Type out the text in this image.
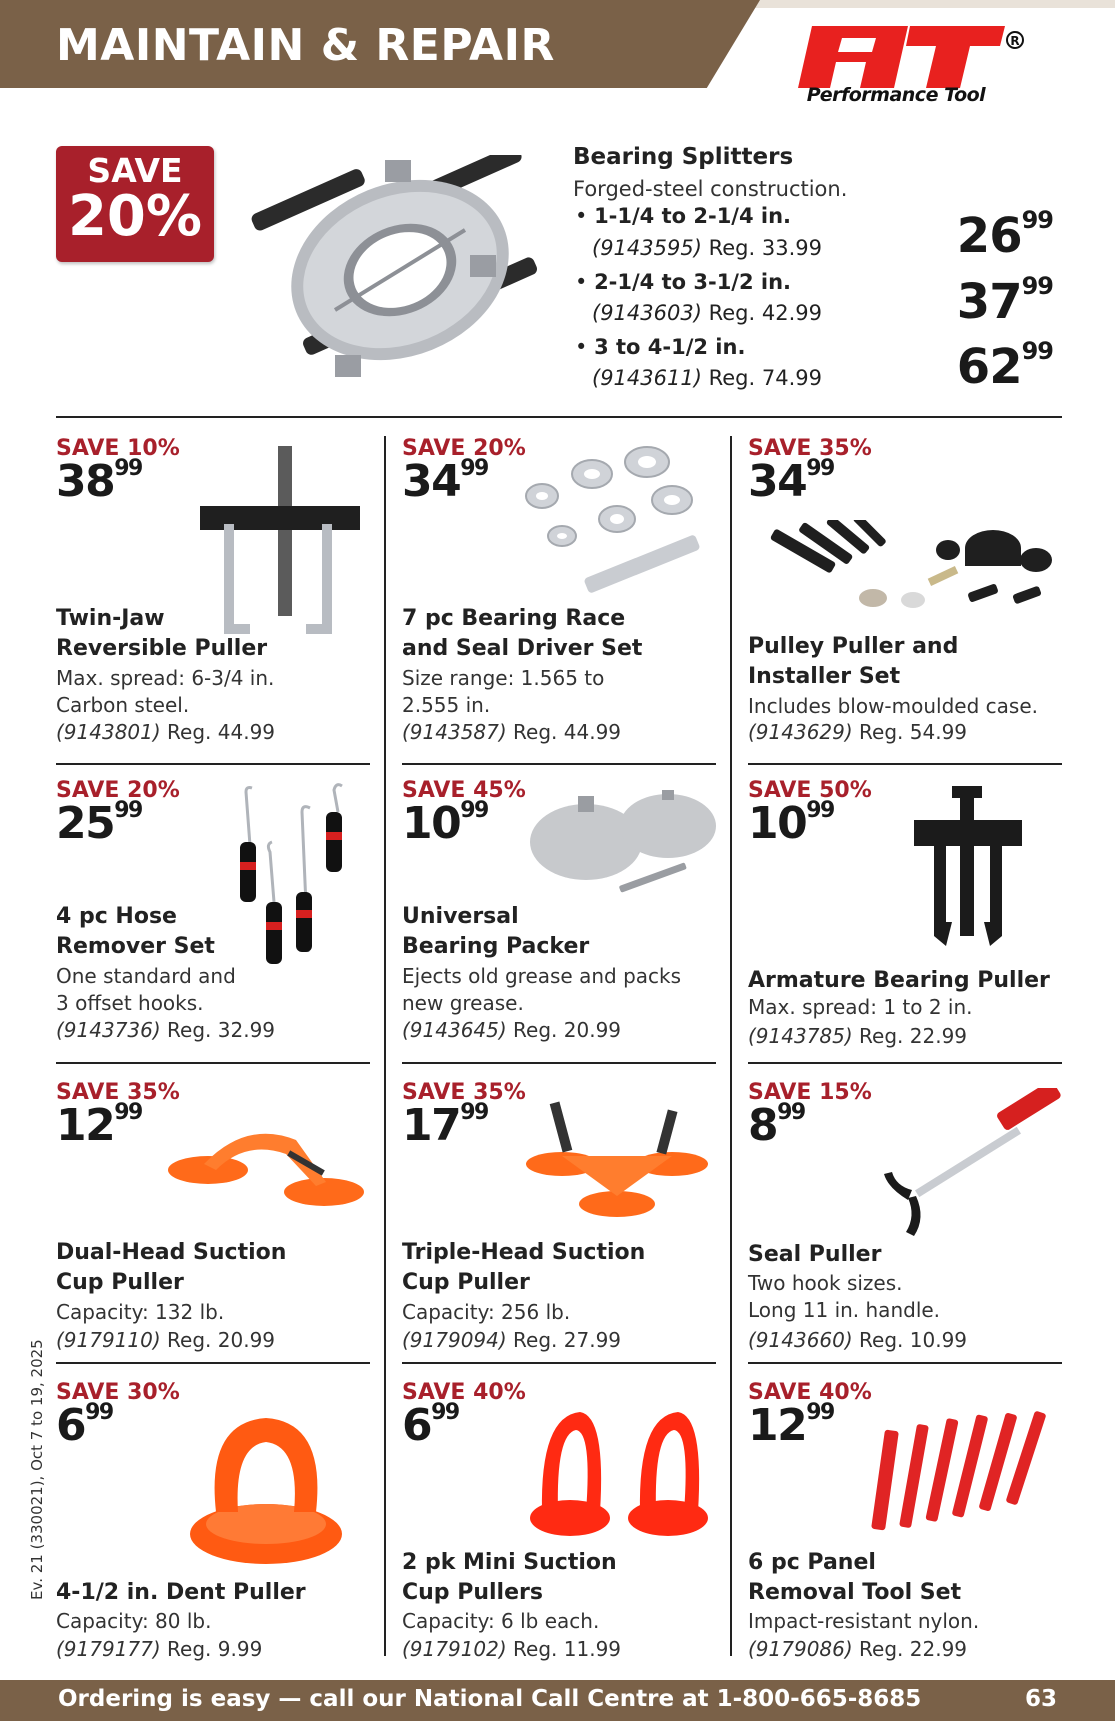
MAINTAIN & REPAIR	R
Performance Tool
SAVE
20%
Bearing Splitters
Forged-steel construction.
• 1-1/4 to 2-1/4 in.
(9143595) Reg. 33.99	$26^{99}$
• 2-1/4 to 3-1/2 in.
(9143603) Reg. 42.99	$37^{99}$
• 3 to 4-1/2 in.
(9143611) Reg. 74.99	$62^{99}$
SAVE 10%
$38^{99}$
Twin-Jaw
Reversible Puller
Max. spread: 6-3/4 in.
Carbon steel.
(9143801) Reg. 44.99
SAVE 20%
$34^{99}$
7 pc Bearing Race
and Seal Driver Set
Size range: 1.565 to
2.555 in.
(9143587) Reg. 44.99
SAVE 35%
$34^{99}$
Pulley Puller and
Installer Set
Includes blow-moulded case.
(9143629) Reg. 54.99
SAVE 20%
$25^{99}$
4 pc Hose
Remover Set
One standard and
3 offset hooks.
(9143736) Reg. 32.99
SAVE 45%
$10^{99}$
Universal
Bearing Packer
Ejects old grease and packs
new grease.
(9143645) Reg. 20.99
SAVE 50%
$10^{99}$
Armature Bearing Puller
Max. spread: 1 to 2 in.
(9143785) Reg. 22.99
SAVE 35%
$12^{99}$
Dual-Head Suction
Cup Puller
Capacity: 132 lb.
(9179110) Reg. 20.99
SAVE 35%
$17^{99}$
Triple-Head Suction
Cup Puller
Capacity: 256 lb.
(9179094) Reg. 27.99
SAVE 15%
$8^{99}$
Seal Puller
Two hook sizes.
Long 11 in. handle.
(9143660) Reg. 10.99
SAVE 30%
$6^{99}$
4-1/2 in. Dent Puller
Capacity: 80 lb.
(9179177) Reg. 9.99
SAVE 40%
$6^{99}$
2 pk Mini Suction
Cup Pullers
Capacity: 6 lb each.
(9179102) Reg. 11.99
SAVE 40%
$12^{99}$
6 pc Panel
Removal Tool Set
Impact-resistant nylon.
(9179086) Reg. 22.99
Ev. 21 (330021), Oct 7 to 19, 2025
Ordering is easy — call our National Call Centre at 1-800-665-8685	63
